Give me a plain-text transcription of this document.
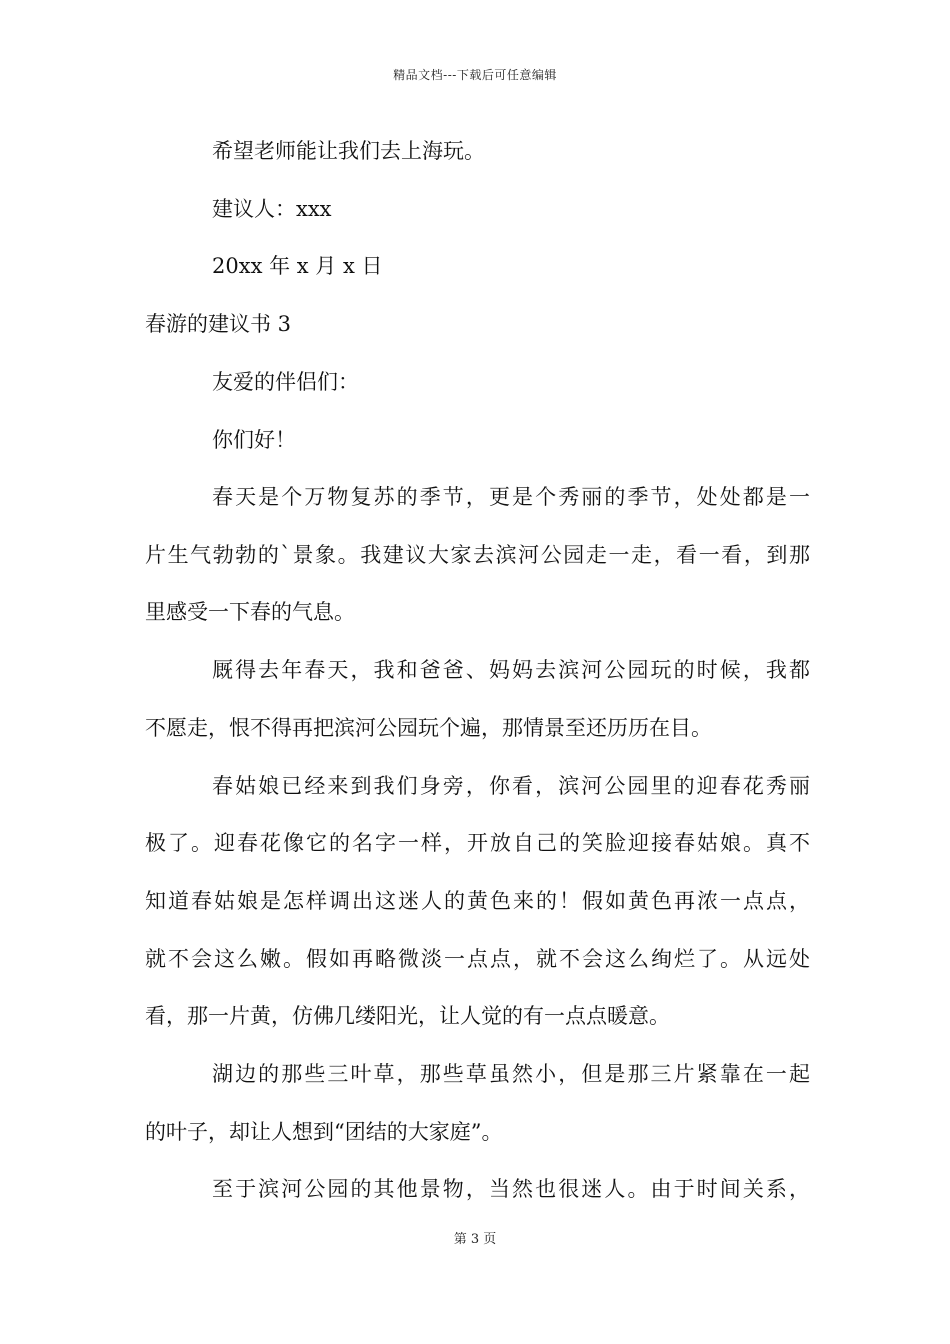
精品文档---下载后可任意编辑
希望老师能让我们去上海玩。
建议人：xxx
20xx 年 x 月 x 日
春游的建议书 3
友爱的伴侣们：
你们好！
春天是个万物复苏的季节，更是个秀丽的季节，处处都是一
片生气勃勃的`景象。我建议大家去滨河公园走一走，看一看，到那
里感受一下春的气息。
厩得去年春天，我和爸爸、妈妈去滨河公园玩的时候，我都
不愿走，恨不得再把滨河公园玩个遍，那情景至还历历在目。
春姑娘已经来到我们身旁，你看，滨河公园里的迎春花秀丽
极了。迎春花像它的名字一样，开放自己的笑脸迎接春姑娘。真不
知道春姑娘是怎样调出这迷人的黄色来的！假如黄色再浓一点点，
就不会这么嫩。假如再略微淡一点点，就不会这么绚烂了。从远处
看，那一片黄，仿佛几缕阳光，让人觉的有一点点暖意。
湖边的那些三叶草，那些草虽然小，但是那三片紧靠在一起
的叶子，却让人想到“团结的大家庭”。
至于滨河公园的其他景物，当然也很迷人。由于时间关系，
第 3 页
